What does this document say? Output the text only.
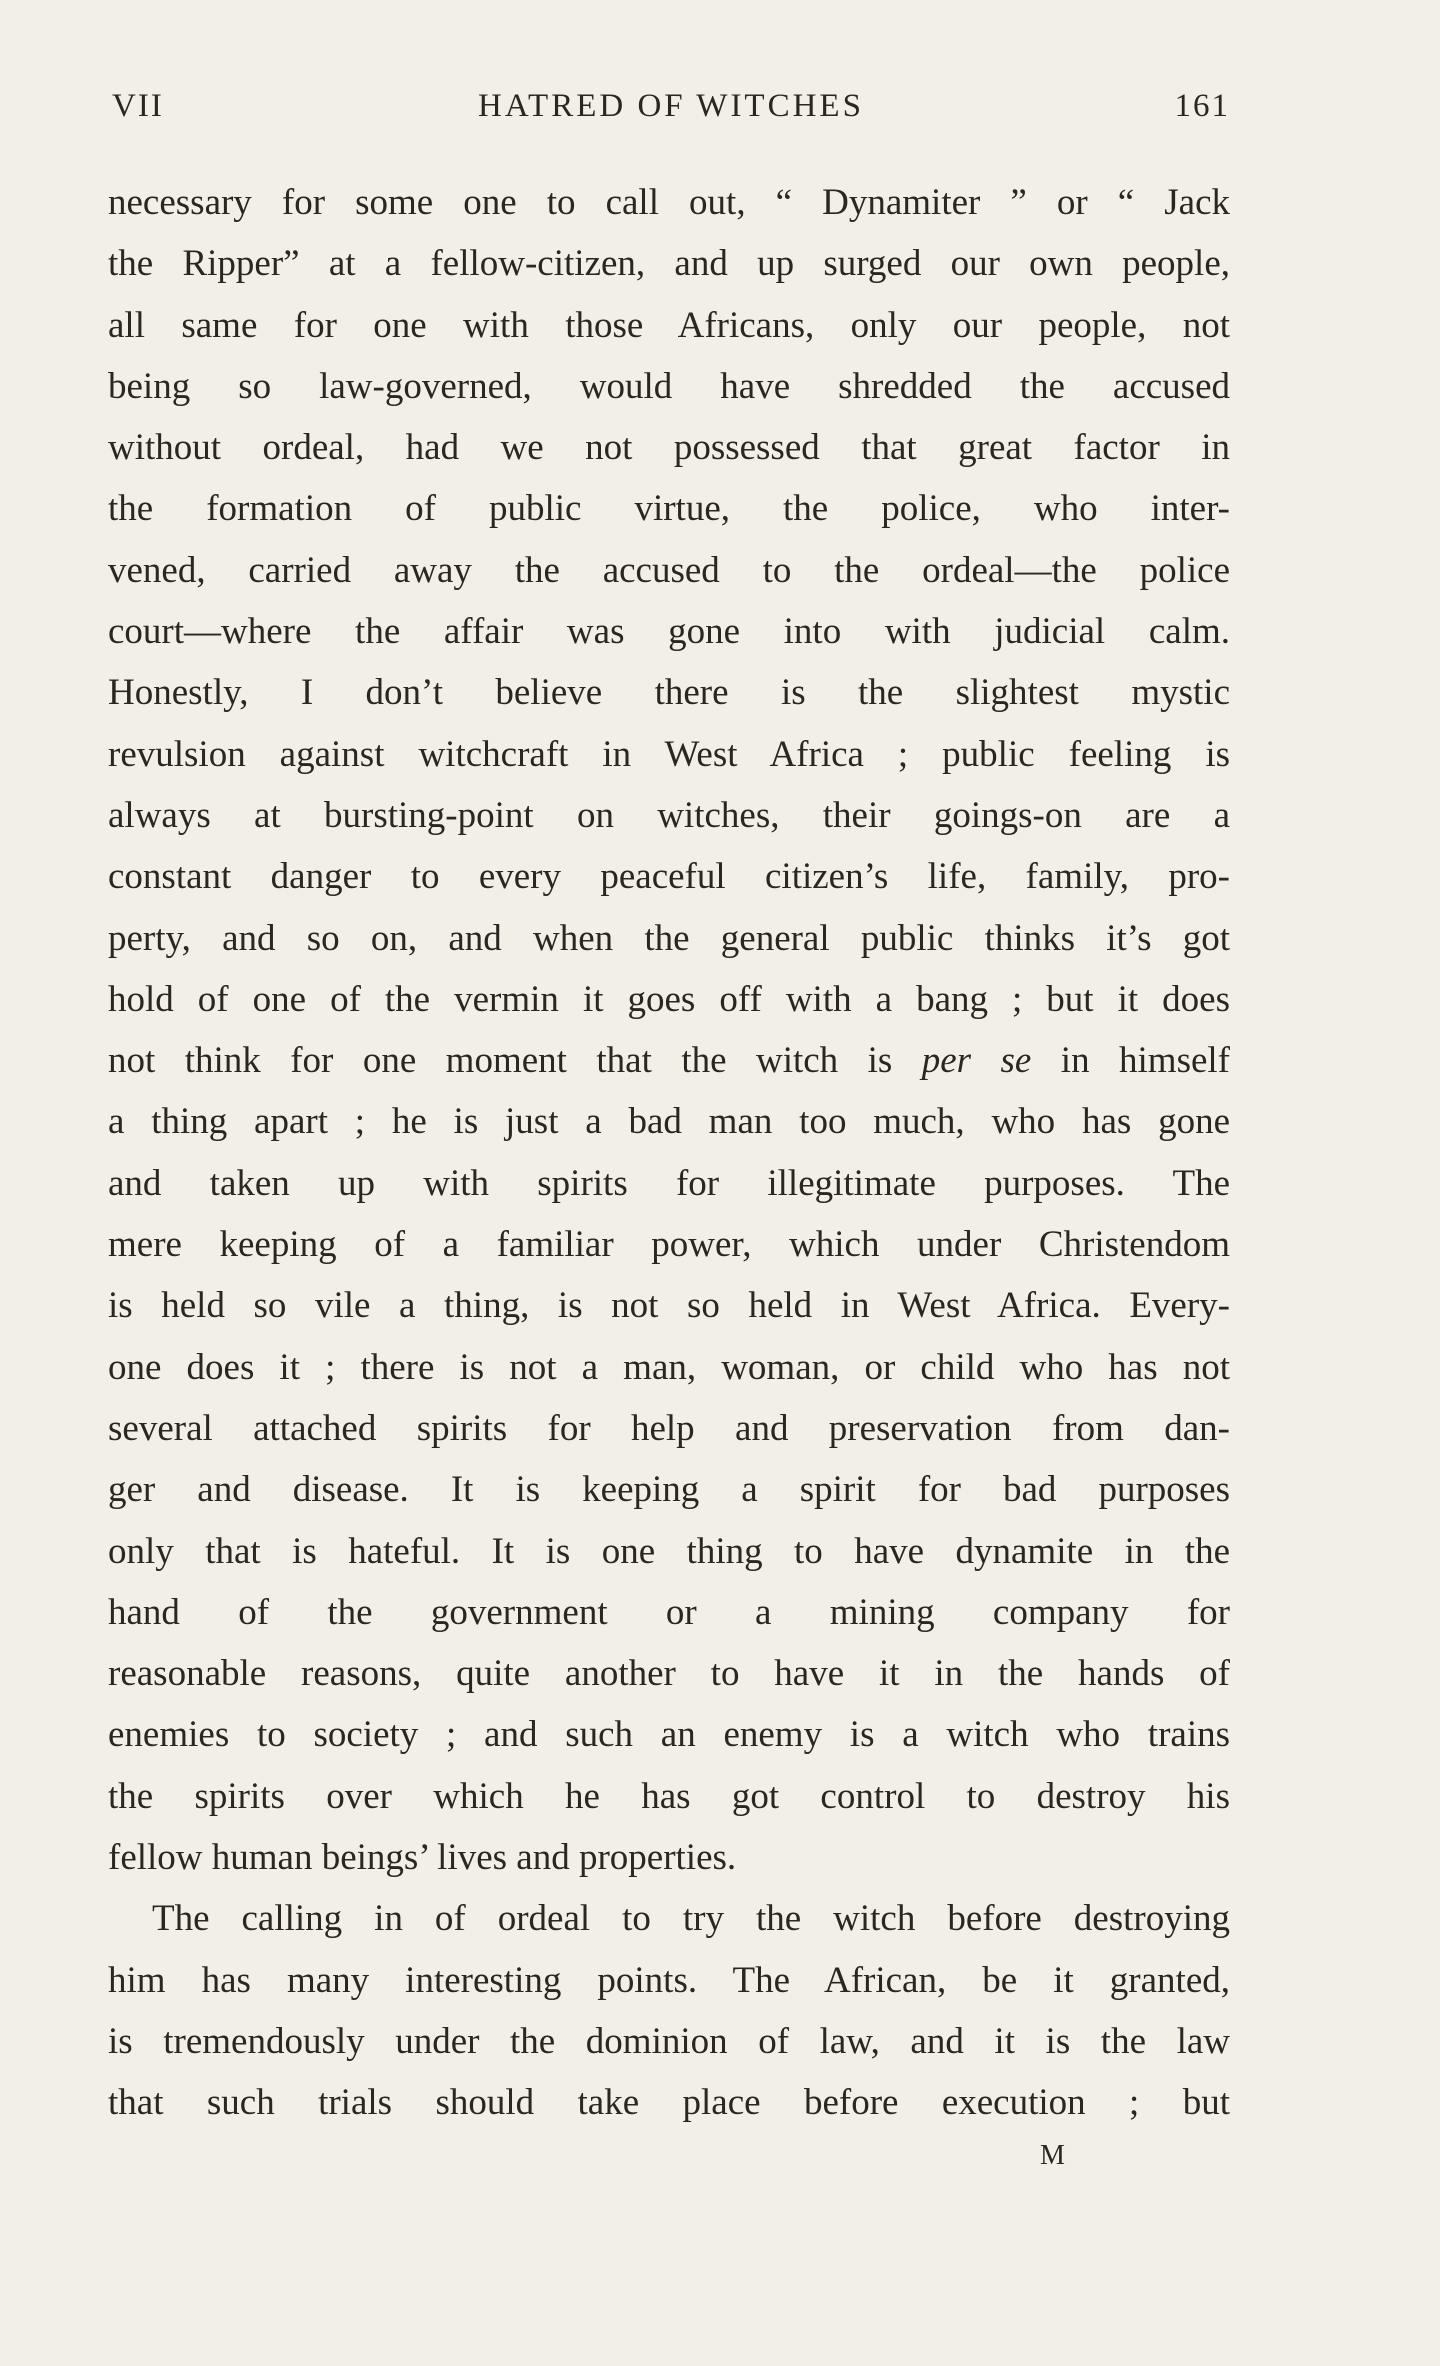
VII	HATRED OF WITCHES	161
necessary for some one to call out, “ Dynamiter ” or “ Jack
the Ripper” at a fellow-citizen, and up surged our own people,
all same for one with those Africans, only our people, not
being so law-governed, would have shredded the accused
without ordeal, had we not possessed that great factor in
the formation of public virtue, the police, who inter-
vened, carried away the accused to the ordeal—the police
court—where the affair was gone into with judicial calm.
Honestly, I don’t believe there is the slightest mystic
revulsion against witchcraft in West Africa ; public feeling is
always at bursting-point on witches, their goings-on are a
constant danger to every peaceful citizen’s life, family, pro-
perty, and so on, and when the general public thinks it’s got
hold of one of the vermin it goes off with a bang ; but it does
not think for one moment that the witch is per se in himself
a thing apart ; he is just a bad man too much, who has gone
and taken up with spirits for illegitimate purposes. The
mere keeping of a familiar power, which under Christendom
is held so vile a thing, is not so held in West Africa. Every-
one does it ; there is not a man, woman, or child who has not
several attached spirits for help and preservation from dan-
ger and disease. It is keeping a spirit for bad purposes
only that is hateful. It is one thing to have dynamite in the
hand of the government or a mining company for
reasonable reasons, quite another to have it in the hands of
enemies to society ; and such an enemy is a witch who trains
the spirits over which he has got control to destroy his
fellow human beings’ lives and properties.
The calling in of ordeal to try the witch before destroying
him has many interesting points. The African, be it granted,
is tremendously under the dominion of law, and it is the law
that such trials should take place before execution ; but
M
